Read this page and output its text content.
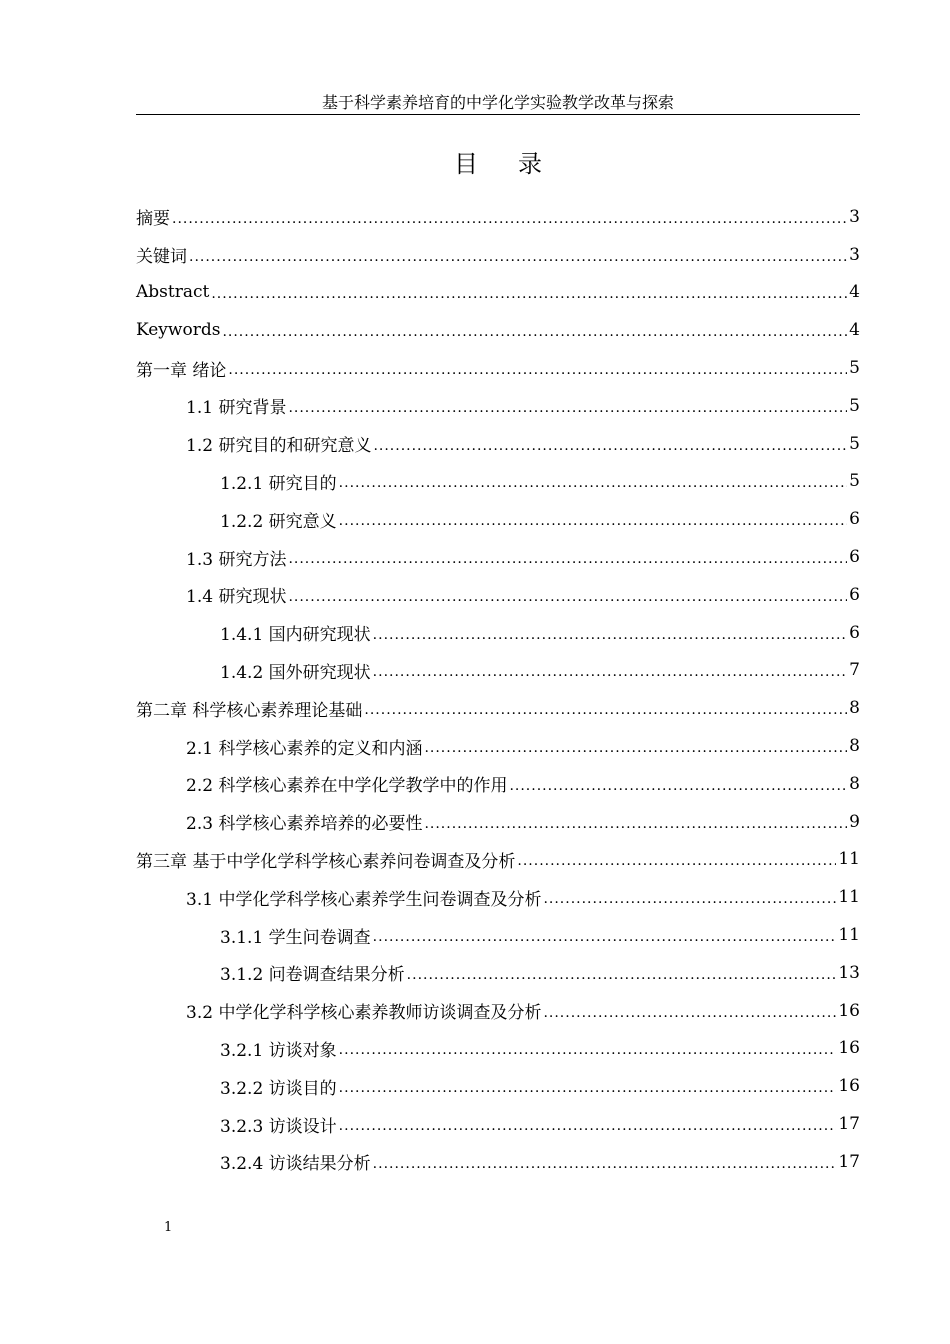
基于科学素养培育的中学化学实验教学改革与探索
目录
摘要 .....	3
关键词 .....	3
Abstract .....	4
Keywords .....	4
第一章 绪论 .....	5
1.1 研究背景 .....	5
1.2 研究目的和研究意义 .....	5
1.2.1 研究目的 .....	5
1.2.2 研究意义 .....	6
1.3 研究方法 .....	6
1.4 研究现状 .....	6
1.4.1 国内研究现状 .....	6
1.4.2 国外研究现状 .....	7
第二章 科学核心素养理论基础 .....	8
2.1 科学核心素养的定义和内涵 .....	8
2.2 科学核心素养在中学化学教学中的作用 .....	8
2.3 科学核心素养培养的必要性 .....	9
第三章 基于中学化学科学核心素养问卷调查及分析 .....	11
3.1 中学化学科学核心素养学生问卷调查及分析 .....	11
3.1.1 学生问卷调查 .....	11
3.1.2 问卷调查结果分析 .....	13
3.2 中学化学科学核心素养教师访谈调查及分析 .....	16
3.2.1 访谈对象 .....	16
3.2.2 访谈目的 .....	16
3.2.3 访谈设计 .....	17
3.2.4 访谈结果分析 .....	17
1
